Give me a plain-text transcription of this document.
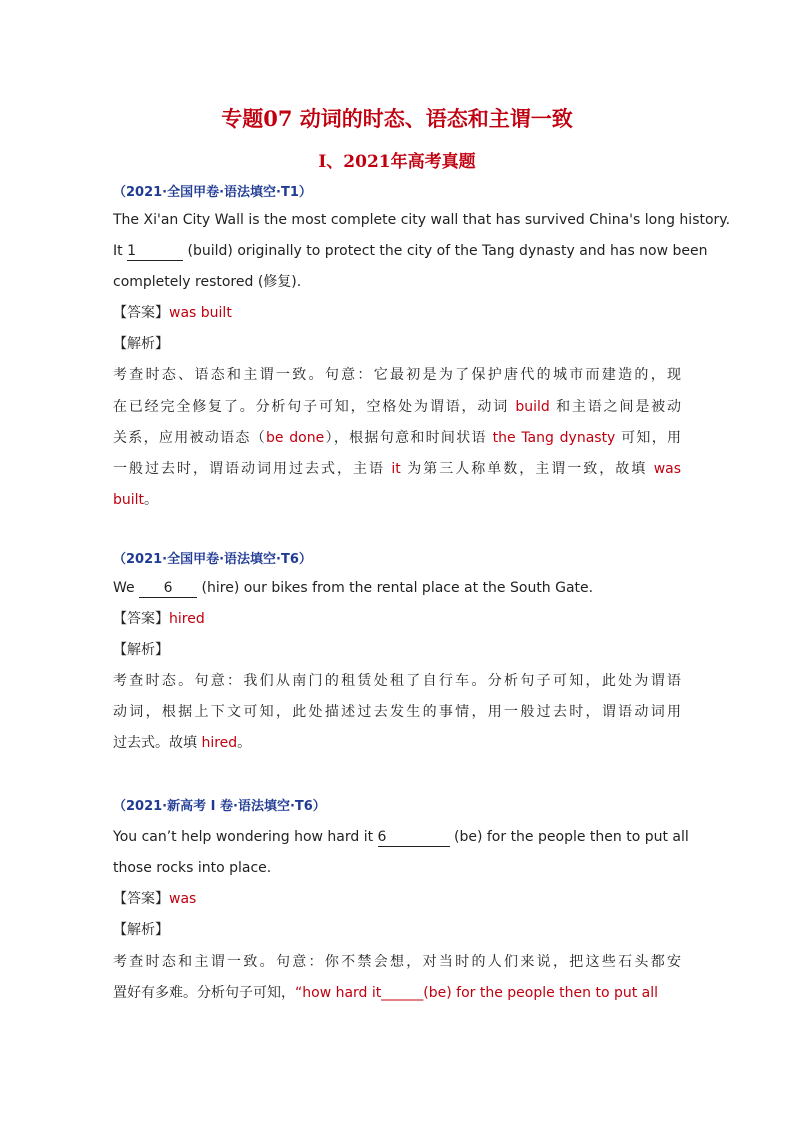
专题07 动词的时态、语态和主谓一致
I、2021年高考真题
（2021·全国甲卷·语法填空·T1）
The Xi'an City Wall is the most complete city wall that has survived China's long history.
It 1	(build) originally to protect the city of the Tang dynasty and has now been
completely restored (修复).
【答案】was built
【解析】
考查时态、语态和主谓一致。句意：它最初是为了保护唐代的城市而建造的，现
在已经完全修复了。分析句子可知，空格处为谓语，动词 build 和主语之间是被动
关系，应用被动语态（be done），根据句意和时间状语 the Tang dynasty 可知，用
一般过去时，谓语动词用过去式，主语 it 为第三人称单数，主谓一致，故填 was
built。
（2021·全国甲卷·语法填空·T6）
We 6 (hire) our bikes from the rental place at the South Gate.
【答案】hired
【解析】
考查时态。句意：我们从南门的租赁处租了自行车。分析句子可知，此处为谓语
动词，根据上下文可知，此处描述过去发生的事情，用一般过去时，谓语动词用
过去式。故填 hired。
（2021·新高考 I 卷·语法填空·T6）
You can’t help wondering how hard it 6	(be) for the people then to put all
those rocks into place.
【答案】was
【解析】
考查时态和主谓一致。句意：你不禁会想，对当时的人们来说，把这些石头都安
置好有多难。分析句子可知，“how hard it______(be) for the people then to put all
